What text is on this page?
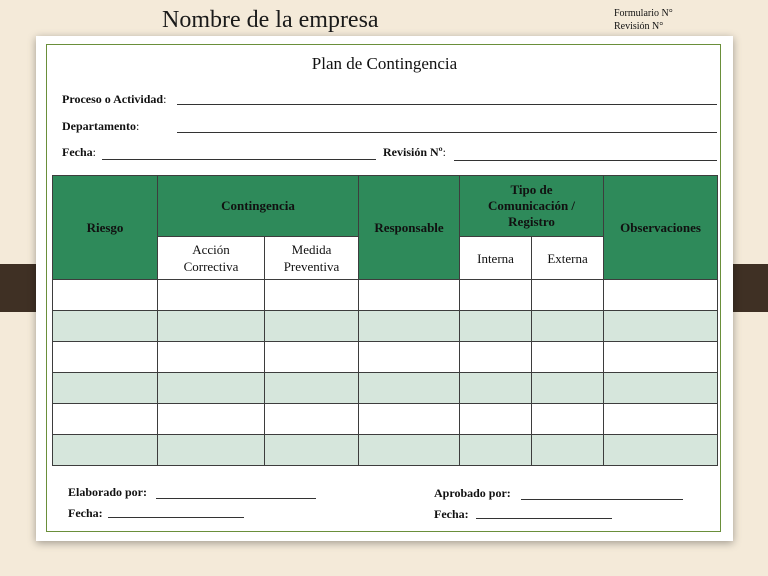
Nombre de la empresa	Formulario N°
Revisión N°
Plan de Contingencia
Proceso o Actividad:
Departamento:
Fecha:	Revisión Nº:
Riesgo	Contingencia		Responsable	Tipo de Comunicación / Registro		Observaciones
	Acción Correctiva	Medida Preventiva		Interna	Externa	

Elaborado por:
Fecha:
Aprobado por:
Fecha:
